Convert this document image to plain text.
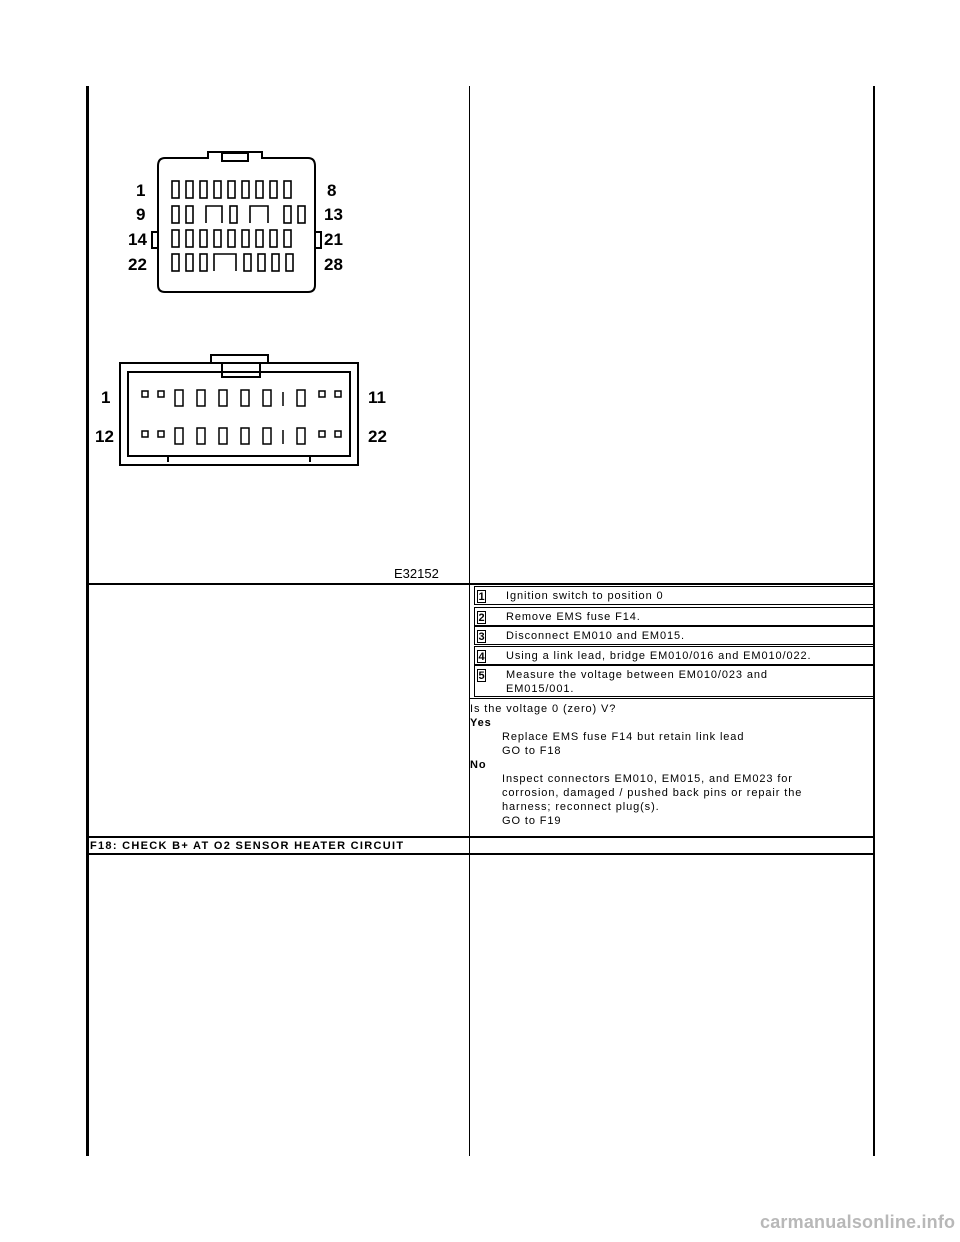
1
9
14
22
8
13
21
28
1
12
11
22
E32152
1 Ignition switch to position 0
2 Remove EMS fuse F14.
3 Disconnect EM010 and EM015.
4 Using a link lead, bridge EM010/016 and EM010/022.
5 Measure the voltage between EM010/023 and EM015/001.
Is the voltage 0 (zero) V?
Yes
Replace EMS fuse F14 but retain link lead
GO to F18
No
Inspect connectors EM010, EM015, and EM023 for corrosion, damaged / pushed back pins or repair the harness; reconnect plug(s).
GO to F19
F18: CHECK B+ AT O2 SENSOR HEATER CIRCUIT
carmanualsonline.info
